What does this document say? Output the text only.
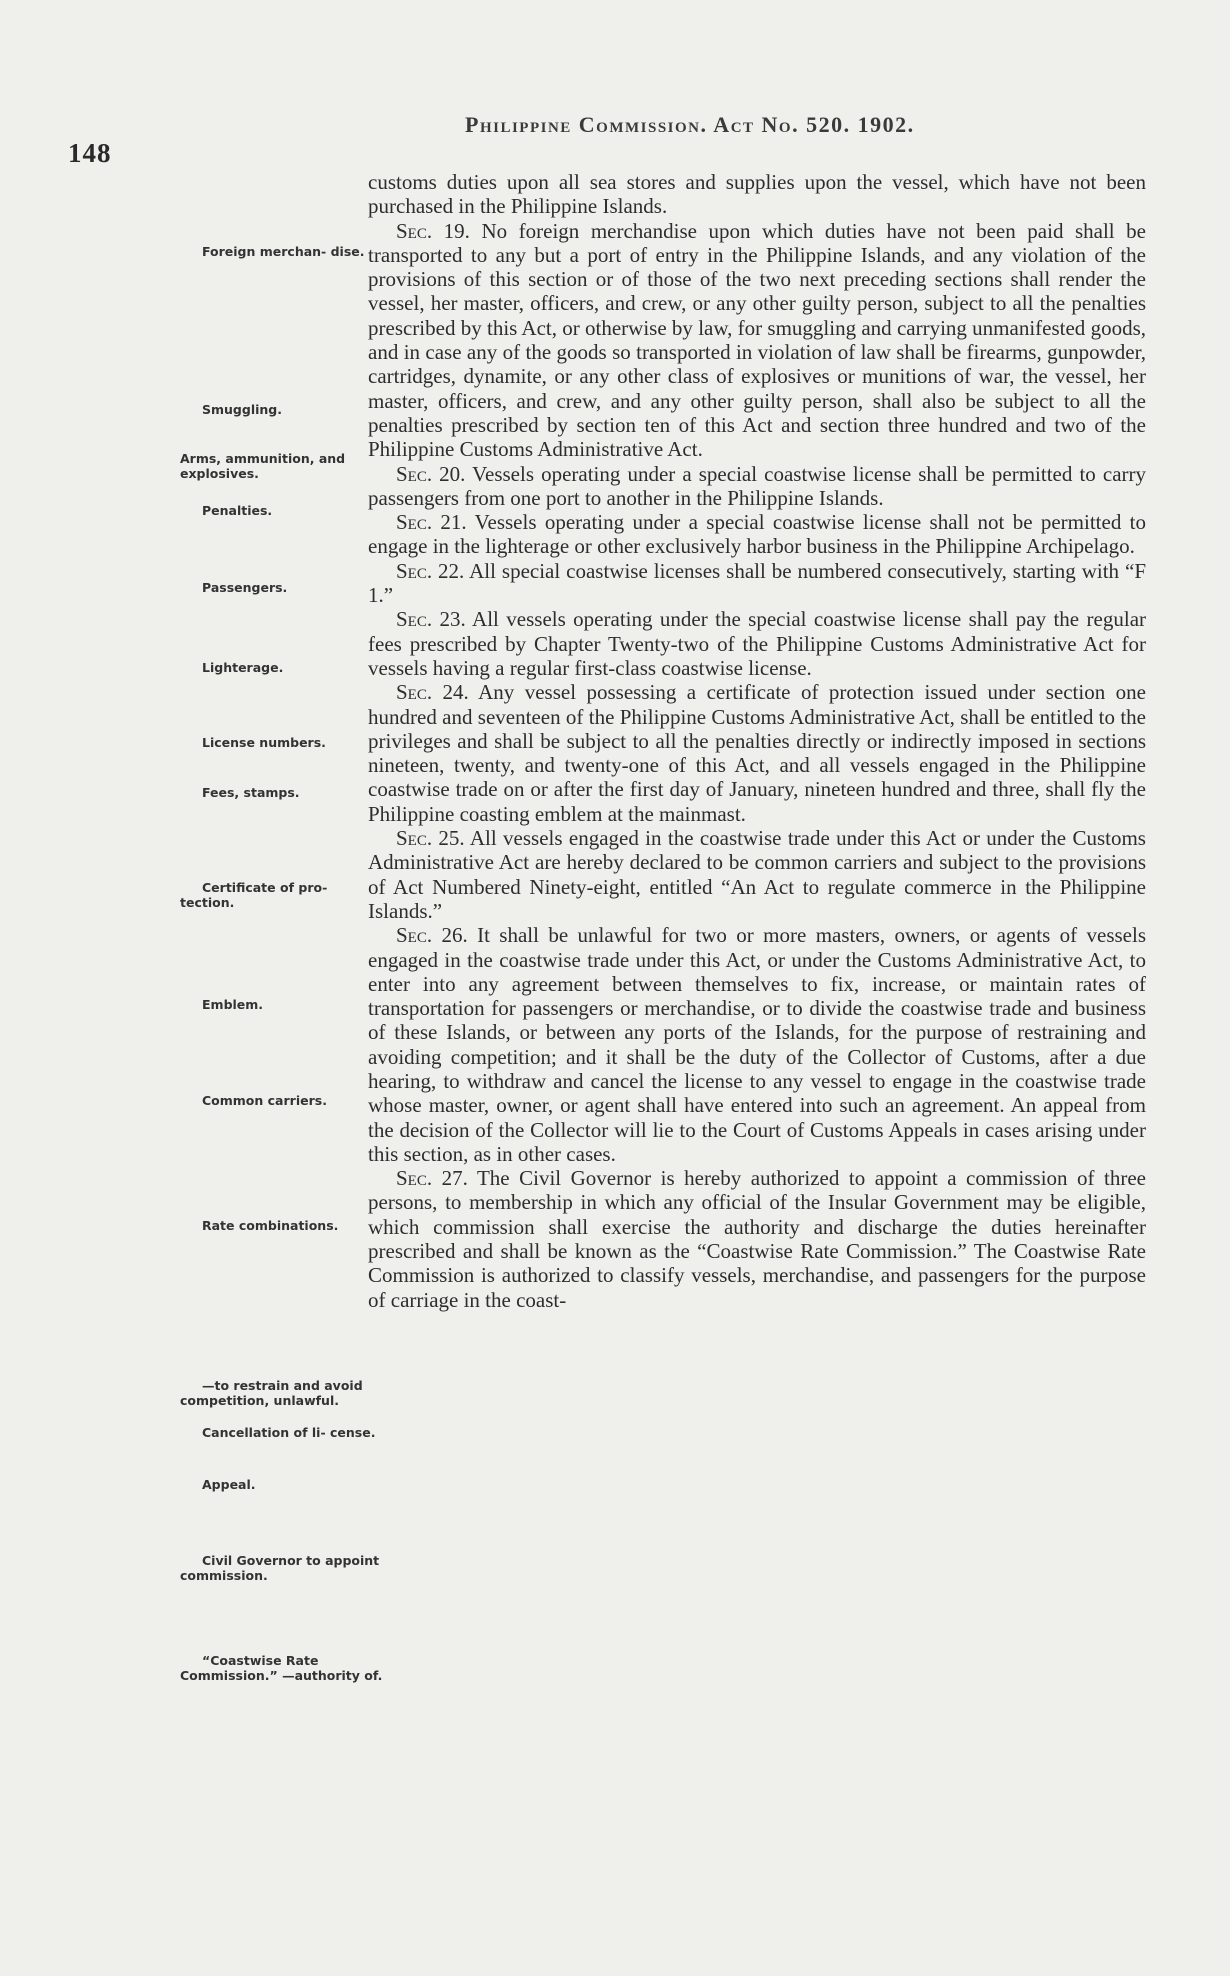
148
Philippine Commission. Act No. 520. 1902.
Foreign merchan- dise.
Smuggling.
Arms, ammunition, and explosives.
Penalties.
Passengers.
Lighterage.
License numbers.
Fees, stamps.
Certificate of pro- tection.
Emblem.
Common carriers.
Rate combinations.
—to restrain and avoid competition, unlawful.
Cancellation of li- cense.
Appeal.
Civil Governor to appoint commission.
“Coastwise Rate Commission.” —authority of.

customs duties upon all sea stores and supplies upon the vessel, which have not been purchased in the Philippine Islands.

Sec. 19. No foreign merchandise upon which duties have not been paid shall be transported to any but a port of entry in the Philippine Islands, and any violation of the provisions of this section or of those of the two next preceding sections shall render the vessel, her master, officers, and crew, or any other guilty person, subject to all the penalties prescribed by this Act, or otherwise by law, for smuggling and carrying unmanifested goods, and in case any of the goods so transported in violation of law shall be firearms, gunpowder, cartridges, dynamite, or any other class of explosives or munitions of war, the vessel, her master, officers, and crew, and any other guilty person, shall also be subject to all the penalties prescribed by section ten of this Act and section three hundred and two of the Philippine Customs Administrative Act.

Sec. 20. Vessels operating under a special coastwise license shall be permitted to carry passengers from one port to another in the Philippine Islands.

Sec. 21. Vessels operating under a special coastwise license shall not be permitted to engage in the lighterage or other exclusively harbor business in the Philippine Archipelago.

Sec. 22. All special coastwise licenses shall be numbered consecutively, starting with “F 1.”

Sec. 23. All vessels operating under the special coastwise license shall pay the regular fees prescribed by Chapter Twenty-two of the Philippine Customs Administrative Act for vessels having a regular first-class coastwise license.

Sec. 24. Any vessel possessing a certificate of protection issued under section one hundred and seventeen of the Philippine Customs Administrative Act, shall be entitled to the privileges and shall be subject to all the penalties directly or indirectly imposed in sections nineteen, twenty, and twenty-one of this Act, and all vessels engaged in the Philippine coastwise trade on or after the first day of January, nineteen hundred and three, shall fly the Philippine coasting emblem at the mainmast.

Sec. 25. All vessels engaged in the coastwise trade under this Act or under the Customs Administrative Act are hereby declared to be common carriers and subject to the provisions of Act Numbered Ninety-eight, entitled “An Act to regulate commerce in the Philippine Islands.”

Sec. 26. It shall be unlawful for two or more masters, owners, or agents of vessels engaged in the coastwise trade under this Act, or under the Customs Administrative Act, to enter into any agreement between themselves to fix, increase, or maintain rates of transportation for passengers or merchandise, or to divide the coastwise trade and business of these Islands, or between any ports of the Islands, for the purpose of restraining and avoiding competition; and it shall be the duty of the Collector of Customs, after a due hearing, to withdraw and cancel the license to any vessel to engage in the coastwise trade whose master, owner, or agent shall have entered into such an agreement. An appeal from the decision of the Collector will lie to the Court of Customs Appeals in cases arising under this section, as in other cases.

Sec. 27. The Civil Governor is hereby authorized to appoint a commission of three persons, to membership in which any official of the Insular Government may be eligible, which commission shall exercise the authority and discharge the duties hereinafter prescribed and shall be known as the “Coastwise Rate Commission.” The Coastwise Rate Commission is authorized to classify vessels, merchandise, and passengers for the purpose of carriage in the coast-
